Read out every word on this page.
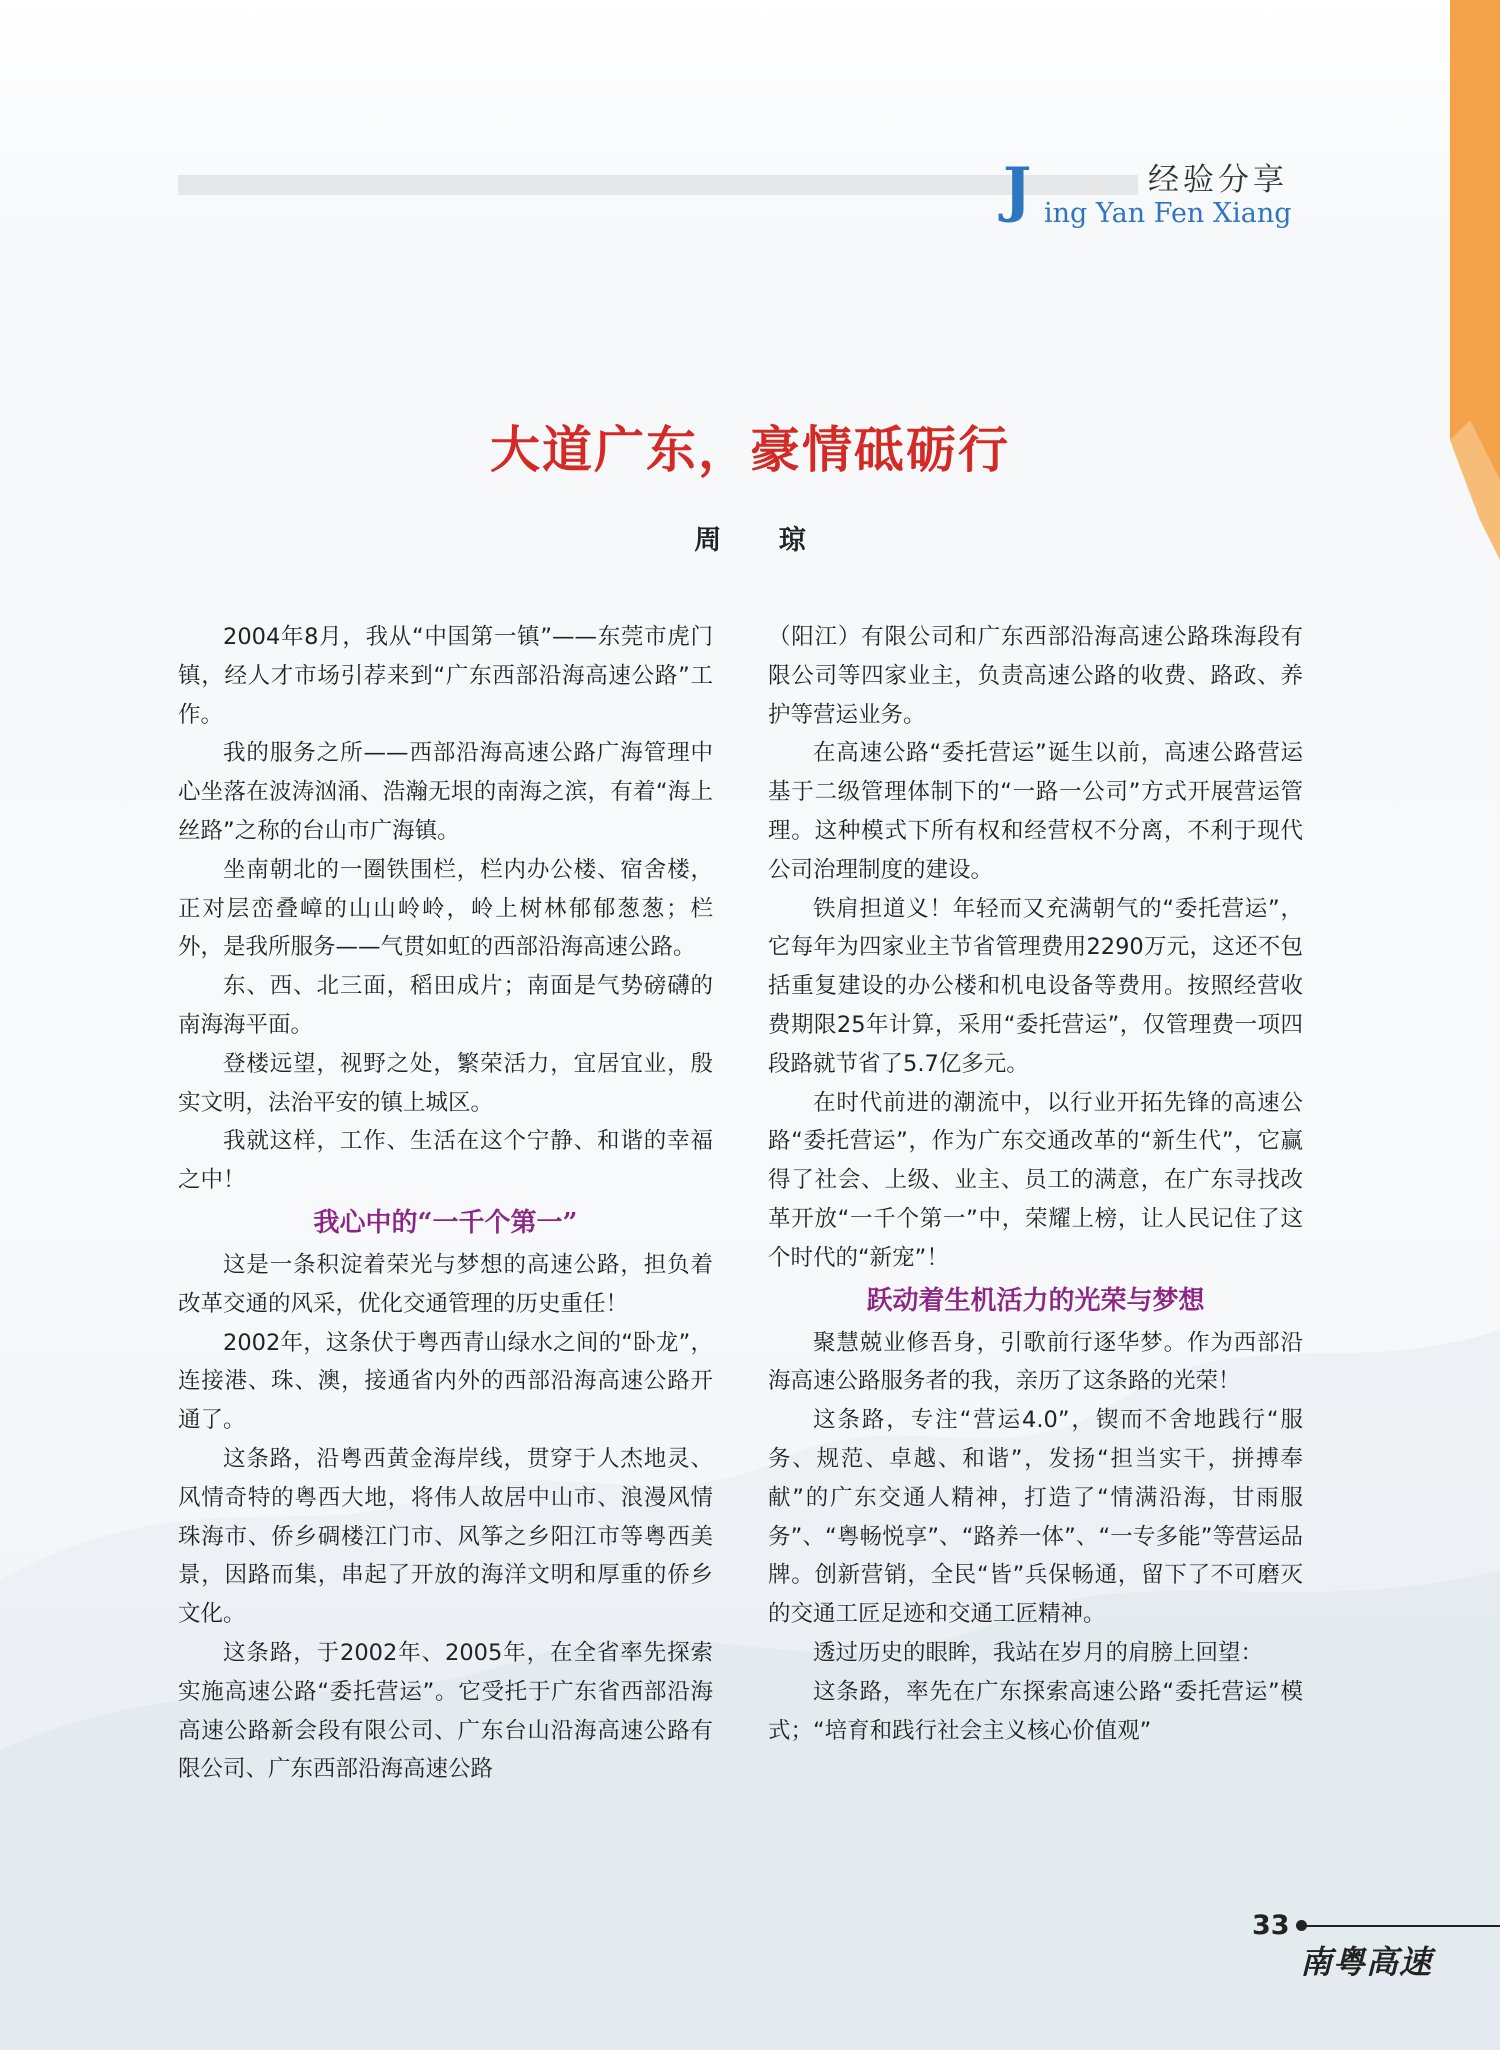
J	经验分享
ing Yan Fen Xiang
大道广东，豪情砥砺行
周 琼

2004年8月，我从“中国第一镇”——东莞市虎门镇，经人才市场引荐来到“广东西部沿海高速公路”工作。

我的服务之所——西部沿海高速公路广海管理中心坐落在波涛汹涌、浩瀚无垠的南海之滨，有着“海上丝路”之称的台山市广海镇。

坐南朝北的一圈铁围栏，栏内办公楼、宿舍楼，正对层峦叠嶂的山山岭岭，岭上树林郁郁葱葱；栏外，是我所服务——气贯如虹的西部沿海高速公路。

东、西、北三面，稻田成片；南面是气势磅礴的南海海平面。

登楼远望，视野之处，繁荣活力，宜居宜业，殷实文明，法治平安的镇上城区。

我就这样，工作、生活在这个宁静、和谐的幸福之中！

我心中的“一千个第一”

这是一条积淀着荣光与梦想的高速公路，担负着改革交通的风采，优化交通管理的历史重任！

2002年，这条伏于粤西青山绿水之间的“卧龙”，连接港、珠、澳，接通省内外的西部沿海高速公路开通了。

这条路，沿粤西黄金海岸线，贯穿于人杰地灵、风情奇特的粤西大地，将伟人故居中山市、浪漫风情珠海市、侨乡碉楼江门市、风筝之乡阳江市等粤西美景，因路而集，串起了开放的海洋文明和厚重的侨乡文化。

这条路，于2002年、2005年，在全省率先探索实施高速公路“委托营运”。它受托于广东省西部沿海高速公路新会段有限公司、广东台山沿海高速公路有限公司、广东西部沿海高速公路

（阳江）有限公司和广东西部沿海高速公路珠海段有限公司等四家业主，负责高速公路的收费、路政、养护等营运业务。

在高速公路“委托营运”诞生以前，高速公路营运基于二级管理体制下的“一路一公司”方式开展营运管理。这种模式下所有权和经营权不分离，不利于现代公司治理制度的建设。

铁肩担道义！年轻而又充满朝气的“委托营运”，它每年为四家业主节省管理费用2290万元，这还不包括重复建设的办公楼和机电设备等费用。按照经营收费期限25年计算，采用“委托营运”，仅管理费一项四段路就节省了5.7亿多元。

在时代前进的潮流中，以行业开拓先锋的高速公路“委托营运”，作为广东交通改革的“新生代”，它赢得了社会、上级、业主、员工的满意，在广东寻找改革开放“一千个第一”中，荣耀上榜，让人民记住了这个时代的“新宠”！

跃动着生机活力的光荣与梦想

聚慧兢业修吾身，引歌前行逐华梦。作为西部沿海高速公路服务者的我，亲历了这条路的光荣！

这条路，专注“营运4.0”，锲而不舍地践行“服务、规范、卓越、和谐”，发扬“担当实干，拼搏奉献”的广东交通人精神，打造了“情满沿海，甘雨服务”、“粤畅悦享”、“路养一体”、“一专多能”等营运品牌。创新营销，全民“皆”兵保畅通，留下了不可磨灭的交通工匠足迹和交通工匠精神。

透过历史的眼眸，我站在岁月的肩膀上回望：

这条路，率先在广东探索高速公路“委托营运”模式；“培育和践行社会主义核心价值观”

33
南粤高速
